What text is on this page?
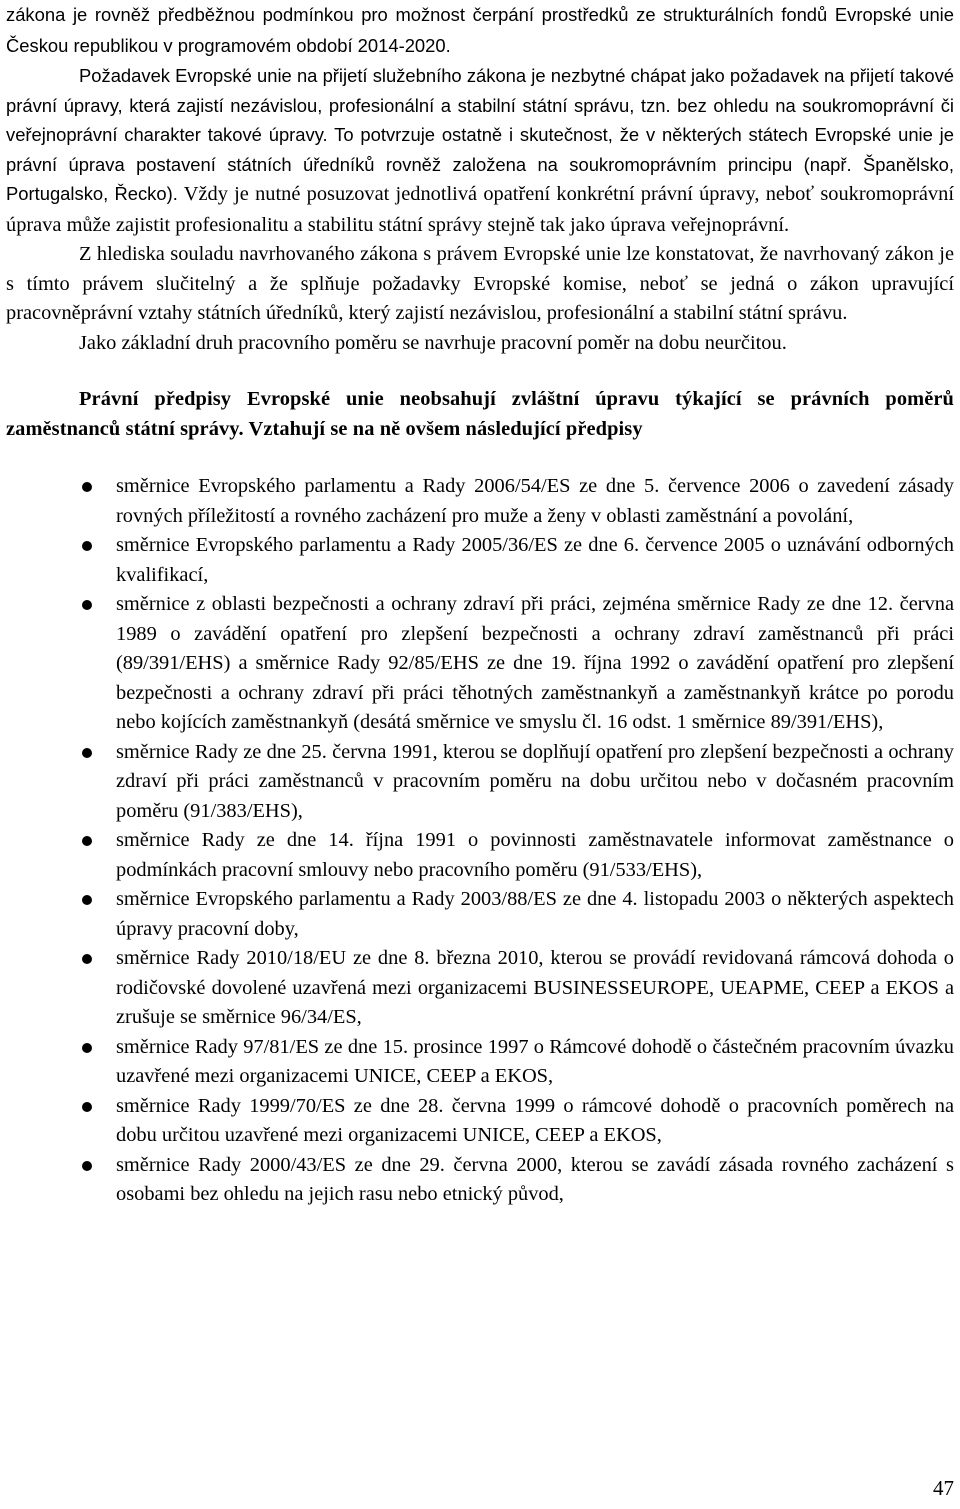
zákona je rovněž předběžnou podmínkou pro možnost čerpání prostředků ze strukturálních fondů Evropské unie Českou republikou v programovém období 2014-2020.

Požadavek Evropské unie na přijetí služebního zákona je nezbytné chápat jako požadavek na přijetí takové právní úpravy, která zajistí nezávislou, profesionální a stabilní státní správu, tzn. bez ohledu na soukromoprávní či veřejnoprávní charakter takové úpravy. To potvrzuje ostatně i skutečnost, že v některých státech Evropské unie je právní úprava postavení státních úředníků rovněž založena na soukromoprávním principu (např. Španělsko, Portugalsko, Řecko). Vždy je nutné posuzovat jednotlivá opatření konkrétní právní úpravy, neboť soukromoprávní úprava může zajistit profesionalitu a stabilitu státní správy stejně tak jako úprava veřejnoprávní.

Z hlediska souladu navrhovaného zákona s právem Evropské unie lze konstatovat, že navrhovaný zákon je s tímto právem slučitelný a že splňuje požadavky Evropské komise, neboť se jedná o zákon upravující pracovněprávní vztahy státních úředníků, který zajistí nezávislou, profesionální a stabilní státní správu.

Jako základní druh pracovního poměru se navrhuje pracovní poměr na dobu neurčitou.

Právní předpisy Evropské unie neobsahují zvláštní úpravu týkající se právních poměrů zaměstnanců státní správy. Vztahují se na ně ovšem následující předpisy

směrnice Evropského parlamentu a Rady 2006/54/ES ze dne 5. července 2006 o zavedení zásady rovných příležitostí a rovného zacházení pro muže a ženy v oblasti zaměstnání a povolání,
směrnice Evropského parlamentu a Rady 2005/36/ES ze dne 6. července 2005 o uznávání odborných kvalifikací,
směrnice z oblasti bezpečnosti a ochrany zdraví při práci, zejména směrnice Rady ze dne 12. června 1989 o zavádění opatření pro zlepšení bezpečnosti a ochrany zdraví zaměstnanců při práci (89/391/EHS) a směrnice Rady 92/85/EHS ze dne 19. října 1992 o zavádění opatření pro zlepšení bezpečnosti a ochrany zdraví při práci těhotných zaměstnankyň a zaměstnankyň krátce po porodu nebo kojících zaměstnankyň (desátá směrnice ve smyslu čl. 16 odst. 1 směrnice 89/391/EHS),
směrnice Rady ze dne 25. června 1991, kterou se doplňují opatření pro zlepšení bezpečnosti a ochrany zdraví při práci zaměstnanců v pracovním poměru na dobu určitou nebo v dočasném pracovním poměru (91/383/EHS),
směrnice Rady ze dne 14. října 1991 o povinnosti zaměstnavatele informovat zaměstnance o podmínkách pracovní smlouvy nebo pracovního poměru (91/533/EHS),
směrnice Evropského parlamentu a Rady 2003/88/ES ze dne 4. listopadu 2003 o některých aspektech úpravy pracovní doby,
směrnice Rady 2010/18/EU ze dne 8. března 2010, kterou se provádí revidovaná rámcová dohoda o rodičovské dovolené uzavřená mezi organizacemi BUSINESSEUROPE, UEAPME, CEEP a EKOS a zrušuje se směrnice 96/34/ES,
směrnice Rady 97/81/ES ze dne 15. prosince 1997 o Rámcové dohodě o částečném pracovním úvazku uzavřené mezi organizacemi UNICE, CEEP a EKOS,
směrnice Rady 1999/70/ES ze dne 28. června 1999 o rámcové dohodě o pracovních poměrech na dobu určitou uzavřené mezi organizacemi UNICE, CEEP a EKOS,
směrnice Rady 2000/43/ES ze dne 29. června 2000, kterou se zavádí zásada rovného zacházení s osobami bez ohledu na jejich rasu nebo etnický původ,
47
